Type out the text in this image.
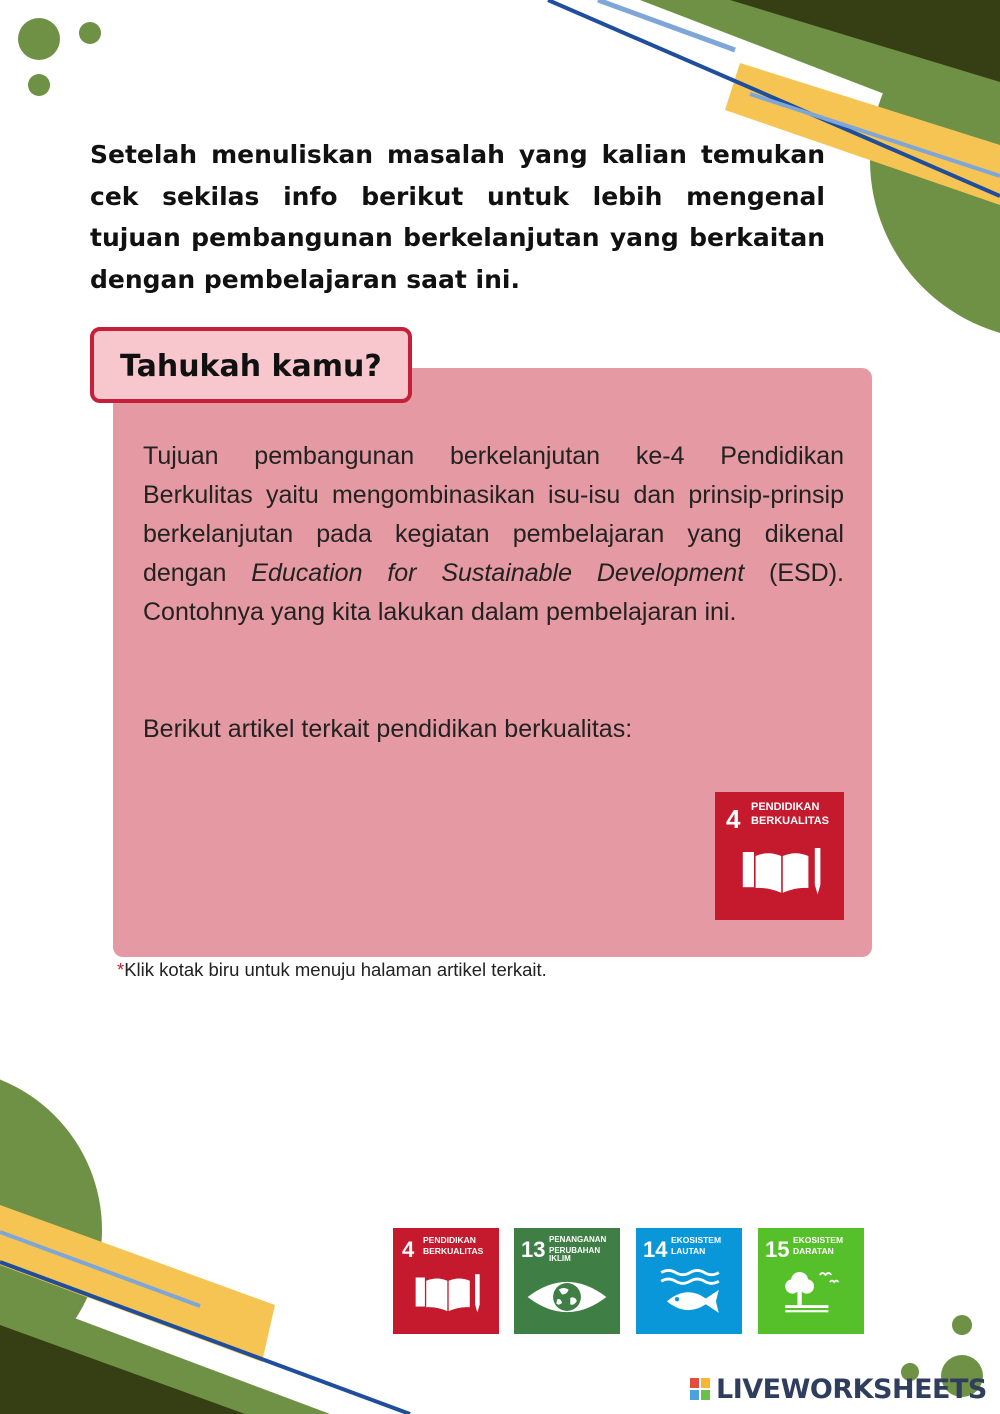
Setelah menuliskan masalah yang kalian temukan cek sekilas info berikut untuk lebih mengenal tujuan pembangunan berkelanjutan yang berkaitan dengan pembelajaran saat ini.

Tahukah kamu?

Tujuan pembangunan berkelanjutan ke-4 Pendidikan Berkulitas yaitu mengombinasikan isu-isu dan prinsip-prinsip berkelanjutan pada kegiatan pembelajaran yang dikenal dengan Education for Sustainable Development (ESD). Contohnya yang kita lakukan dalam pembelajaran ini.

Berikut artikel terkait pendidikan berkualitas:

4 PENDIDIKAN
BERKUALITAS
*Klik kotak biru untuk menuju halaman artikel terkait.
4 PENDIDIKAN
BERKUALITAS 13 PENANGANAN
PERUBAHAN IKLIM	14 EKOSISTEM
LAUTAN	15 EKOSISTEM
DARATAN
LIVEWORKSHEETS
